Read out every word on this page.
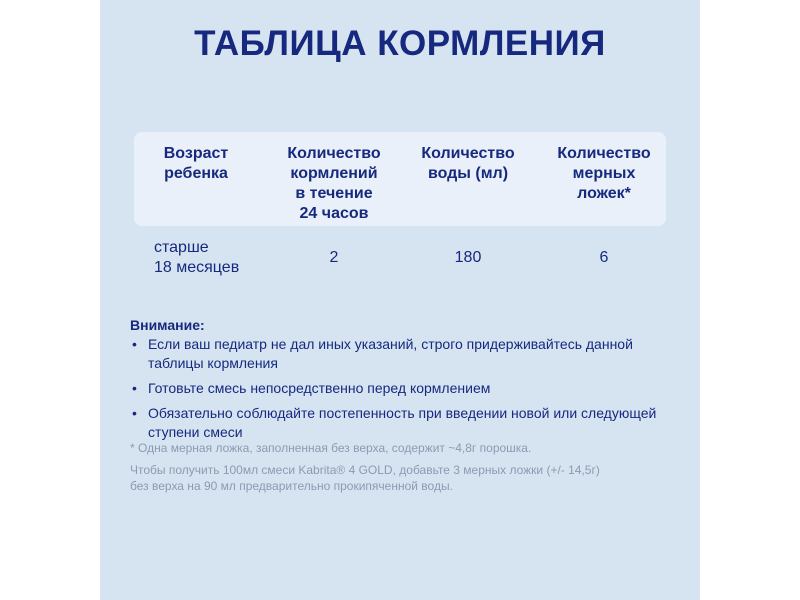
ТАБЛИЦА КОРМЛЕНИЯ
Возраст
ребенка
Количество
кормлений
в течение
24 часов
Количество
воды (мл)
Количество
мерных
ложек*
старше
18 месяцев
2	180	6
Внимание:
• Если ваш педиатр не дал иных указаний, строго придерживайтесь данной таблицы кормления
• Готовьте смесь непосредственно перед кормлением
• Обязательно соблюдайте постепенность при введении новой или следующей ступени смеси

* Одна мерная ложка, заполненная без верха, содержит ~4,8г порошка.

Чтобы получить 100мл смеси Kabrita® 4 GOLD, добавьте 3 мерных ложки (+/- 14,5г)
без верха на 90 мл предварительно прокипяченной воды.
